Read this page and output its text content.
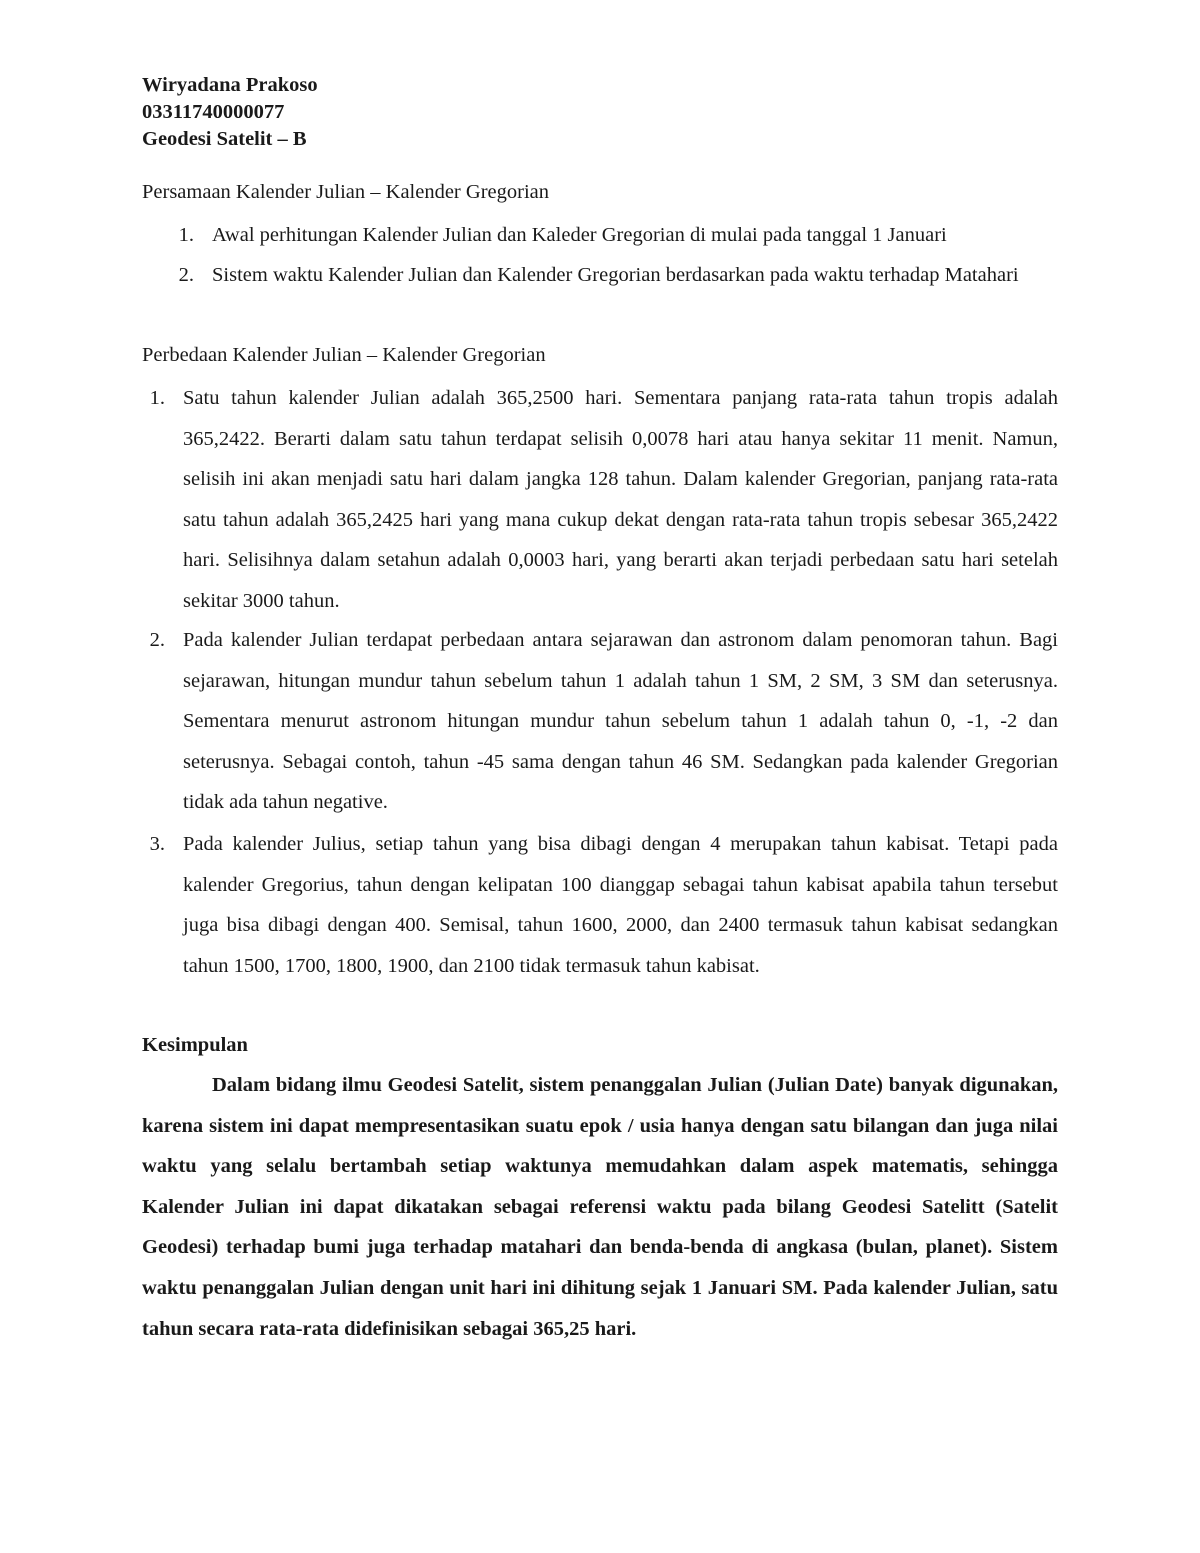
Wiryadana Prakoso
03311740000077
Geodesi Satelit – B
Persamaan Kalender Julian – Kalender Gregorian
1. Awal perhitungan Kalender Julian dan Kaleder Gregorian di mulai pada tanggal 1 Januari
2. Sistem waktu Kalender Julian dan Kalender Gregorian berdasarkan pada waktu terhadap Matahari
Perbedaan Kalender Julian – Kalender Gregorian
1. Satu tahun kalender Julian adalah 365,2500 hari. Sementara panjang rata-rata tahun tropis adalah 365,2422. Berarti dalam satu tahun terdapat selisih 0,0078 hari atau hanya sekitar 11 menit. Namun, selisih ini akan menjadi satu hari dalam jangka 128 tahun. Dalam kalender Gregorian, panjang rata-rata satu tahun adalah 365,2425 hari yang mana cukup dekat dengan rata-rata tahun tropis sebesar 365,2422 hari. Selisihnya dalam setahun adalah 0,0003 hari, yang berarti akan terjadi perbedaan satu hari setelah sekitar 3000 tahun.
2. Pada kalender Julian terdapat perbedaan antara sejarawan dan astronom dalam penomoran tahun. Bagi sejarawan, hitungan mundur tahun sebelum tahun 1 adalah tahun 1 SM, 2 SM, 3 SM dan seterusnya. Sementara menurut astronom hitungan mundur tahun sebelum tahun 1 adalah tahun 0, -1, -2 dan seterusnya. Sebagai contoh, tahun -45 sama dengan tahun 46 SM. Sedangkan pada kalender Gregorian tidak ada tahun negative.
3. Pada kalender Julius, setiap tahun yang bisa dibagi dengan 4 merupakan tahun kabisat. Tetapi pada kalender Gregorius, tahun dengan kelipatan 100 dianggap sebagai tahun kabisat apabila tahun tersebut juga bisa dibagi dengan 400. Semisal, tahun 1600, 2000, dan 2400 termasuk tahun kabisat sedangkan tahun 1500, 1700, 1800, 1900, dan 2100 tidak termasuk tahun kabisat.
Kesimpulan
Dalam bidang ilmu Geodesi Satelit, sistem penanggalan Julian (Julian Date) banyak digunakan, karena sistem ini dapat mempresentasikan suatu epok / usia hanya dengan satu bilangan dan juga nilai waktu yang selalu bertambah setiap waktunya memudahkan dalam aspek matematis, sehingga Kalender Julian ini dapat dikatakan sebagai referensi waktu pada bilang Geodesi Satelitt (Satelit Geodesi) terhadap bumi juga terhadap matahari dan benda-benda di angkasa (bulan, planet). Sistem waktu penanggalan Julian dengan unit hari ini dihitung sejak 1 Januari SM. Pada kalender Julian, satu tahun secara rata-rata didefinisikan sebagai 365,25 hari.
